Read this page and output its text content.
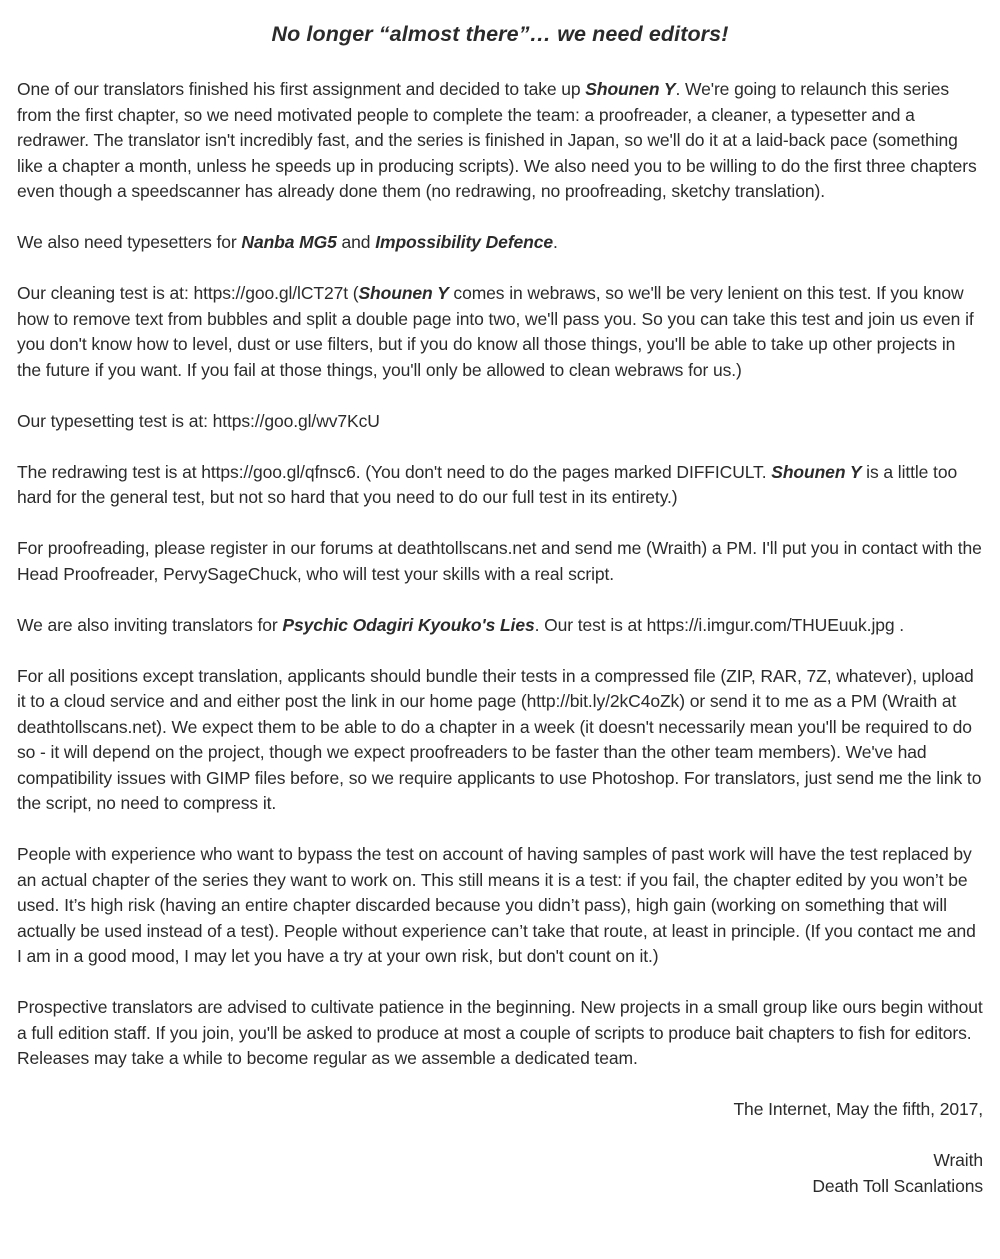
No longer “almost there”… we need editors!

One of our translators finished his first assignment and decided to take up Shounen Y. We're going to relaunch this series from the first chapter, so we need motivated people to complete the team: a proofreader, a cleaner, a typesetter and a redrawer. The translator isn't incredibly fast, and the series is finished in Japan, so we'll do it at a laid-back pace (something like a chapter a month, unless he speeds up in producing scripts). We also need you to be willing to do the first three chapters even though a speedscanner has already done them (no redrawing, no proofreading, sketchy translation).

We also need typesetters for Nanba MG5 and Impossibility Defence.

Our cleaning test is at: https://goo.gl/lCT27t (Shounen Y comes in webraws, so we'll be very lenient on this test. If you know how to remove text from bubbles and split a double page into two, we'll pass you. So you can take this test and join us even if you don't know how to level, dust or use filters, but if you do know all those things, you'll be able to take up other projects in the future if you want. If you fail at those things, you'll only be allowed to clean webraws for us.)

Our typesetting test is at: https://goo.gl/wv7KcU

The redrawing test is at https://goo.gl/qfnsc6. (You don't need to do the pages marked DIFFICULT. Shounen Y is a little too hard for the general test, but not so hard that you need to do our full test in its entirety.)

For proofreading, please register in our forums at deathtollscans.net and send me (Wraith) a PM. I'll put you in contact with the Head Proofreader, PervySageChuck, who will test your skills with a real script.

We are also inviting translators for Psychic Odagiri Kyouko's Lies. Our test is at https://i.imgur.com/THUEuuk.jpg .

For all positions except translation, applicants should bundle their tests in a compressed file (ZIP, RAR, 7Z, whatever), upload it to a cloud service and and either post the link in our home page (http://bit.ly/2kC4oZk) or send it to me as a PM (Wraith at deathtollscans.net). We expect them to be able to do a chapter in a week (it doesn't necessarily mean you'll be required to do so - it will depend on the project, though we expect proofreaders to be faster than the other team members). We've had compatibility issues with GIMP files before, so we require applicants to use Photoshop. For translators, just send me the link to the script, no need to compress it.

People with experience who want to bypass the test on account of having samples of past work will have the test replaced by an actual chapter of the series they want to work on. This still means it is a test: if you fail, the chapter edited by you won’t be used. It’s high risk (having an entire chapter discarded because you didn’t pass), high gain (working on something that will actually be used instead of a test). People without experience can’t take that route, at least in principle. (If you contact me and I am in a good mood, I may let you have a try at your own risk, but don't count on it.)

Prospective translators are advised to cultivate patience in the beginning. New projects in a small group like ours begin without a full edition staff. If you join, you'll be asked to produce at most a couple of scripts to produce bait chapters to fish for editors. Releases may take a while to become regular as we assemble a dedicated team.

The Internet, May the fifth, 2017,

Wraith

Death Toll Scanlations
